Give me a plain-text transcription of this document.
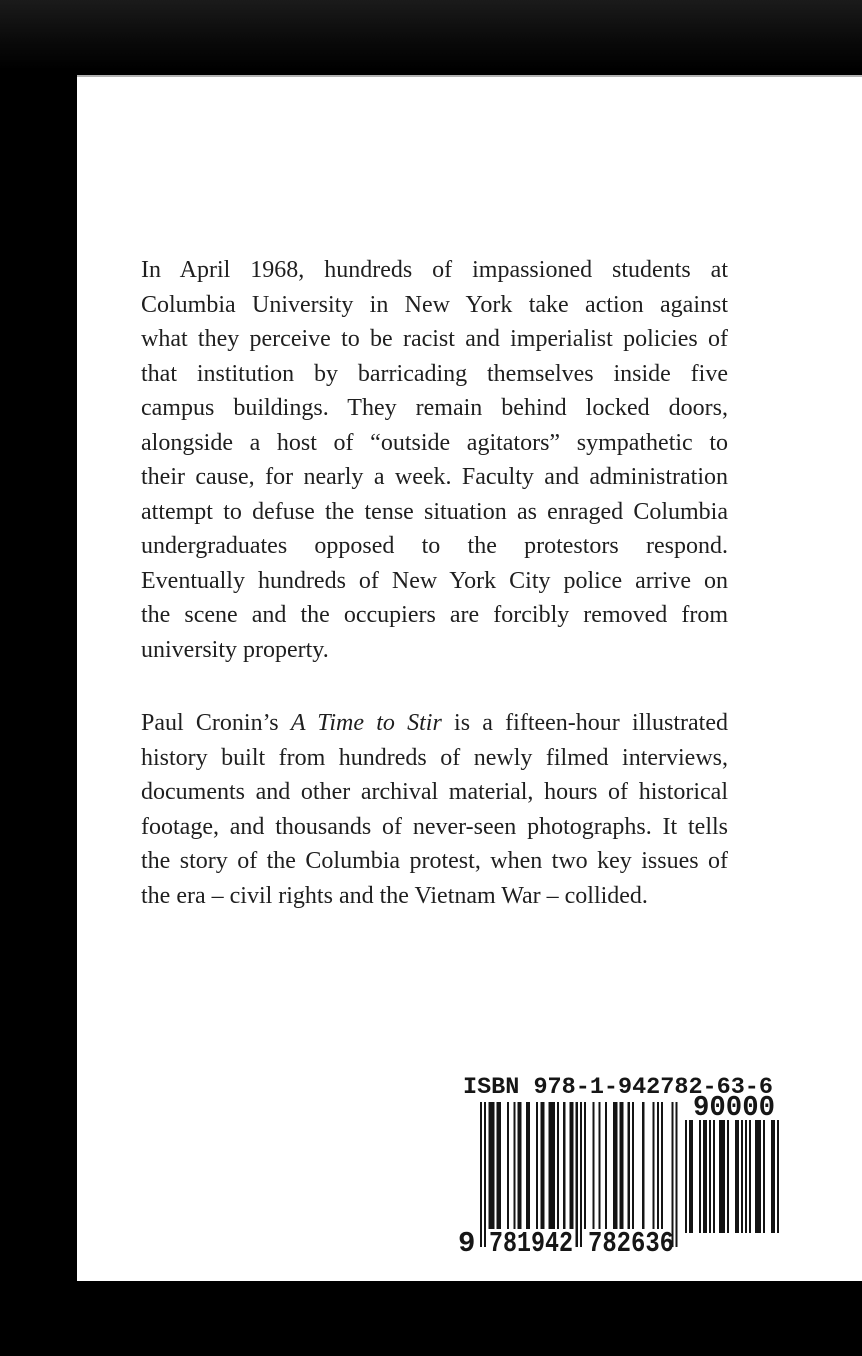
In April 1968, hundreds of impassioned students at
Columbia University in New York take action against
what they perceive to be racist and imperialist policies of
that institution by barricading themselves inside five
campus buildings. They remain behind locked doors,
alongside a host of “outside agitators” sympathetic to
their cause, for nearly a week. Faculty and administration
attempt to defuse the tense situation as enraged Columbia
undergraduates opposed to the protestors respond.
Eventually hundreds of New York City police arrive on
the scene and the occupiers are forcibly removed from
university property.
Paul Cronin’s A Time to Stir is a fifteen-hour illustrated
history built from hundreds of newly filmed interviews,
documents and other archival material, hours of historical
footage, and thousands of never-seen photographs. It tells
the story of the Columbia protest, when two key issues of
the era – civil rights and the Vietnam War – collided.
ISBN 978-1-942782-63-6
9 781942 782636
90000
